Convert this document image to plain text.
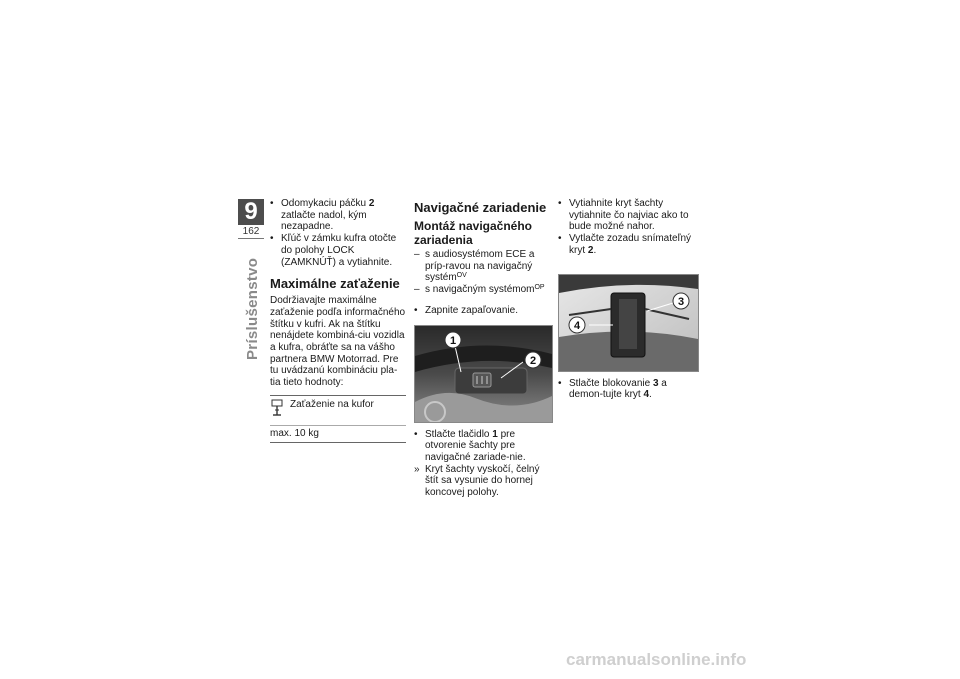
9
162
Príslušenstvo
• Odomykaciu páčku 2 zatlačte nadol, kým nezapadne.
• Kľúč v zámku kufra otočte do polohy LOCK (ZAMKNÚŤ) a vytiahnite.
Maximálne zaťaženie

Dodržiavajte maximálne zaťaženie podľa informačného štítku v kufri. Ak na štítku nenájdete kombiná-ciu vozidla a kufra, obráťte sa na vášho partnera BMW Motorrad. Pre tu uvádzanú kombináciu pla-tia tieto hodnoty:

Zaťaženie na kufor
max. 10 kg
Navigačné zariadenie
Montáž navigačného zariadenia
– s audiosystémom ECE a príp-ravou na navigačný systém$^{OV}$
– s navigačným systémom$^{OP}$
• Zapnite zapaľovanie.
1
2
• Stlačte tlačidlo 1 pre otvorenie šachty pre navigačné zariade-nie.
» Kryt šachty vyskočí, čelný štít sa vysunie do hornej koncovej polohy.
• Vytiahnite kryt šachty vytiahnite čo najviac ako to bude možné nahor.
• Vytlačte zozadu snímateľný kryt 2.
4
3
• Stlačte blokovanie 3 a demon-tujte kryt 4.
carmanualsonline.info
